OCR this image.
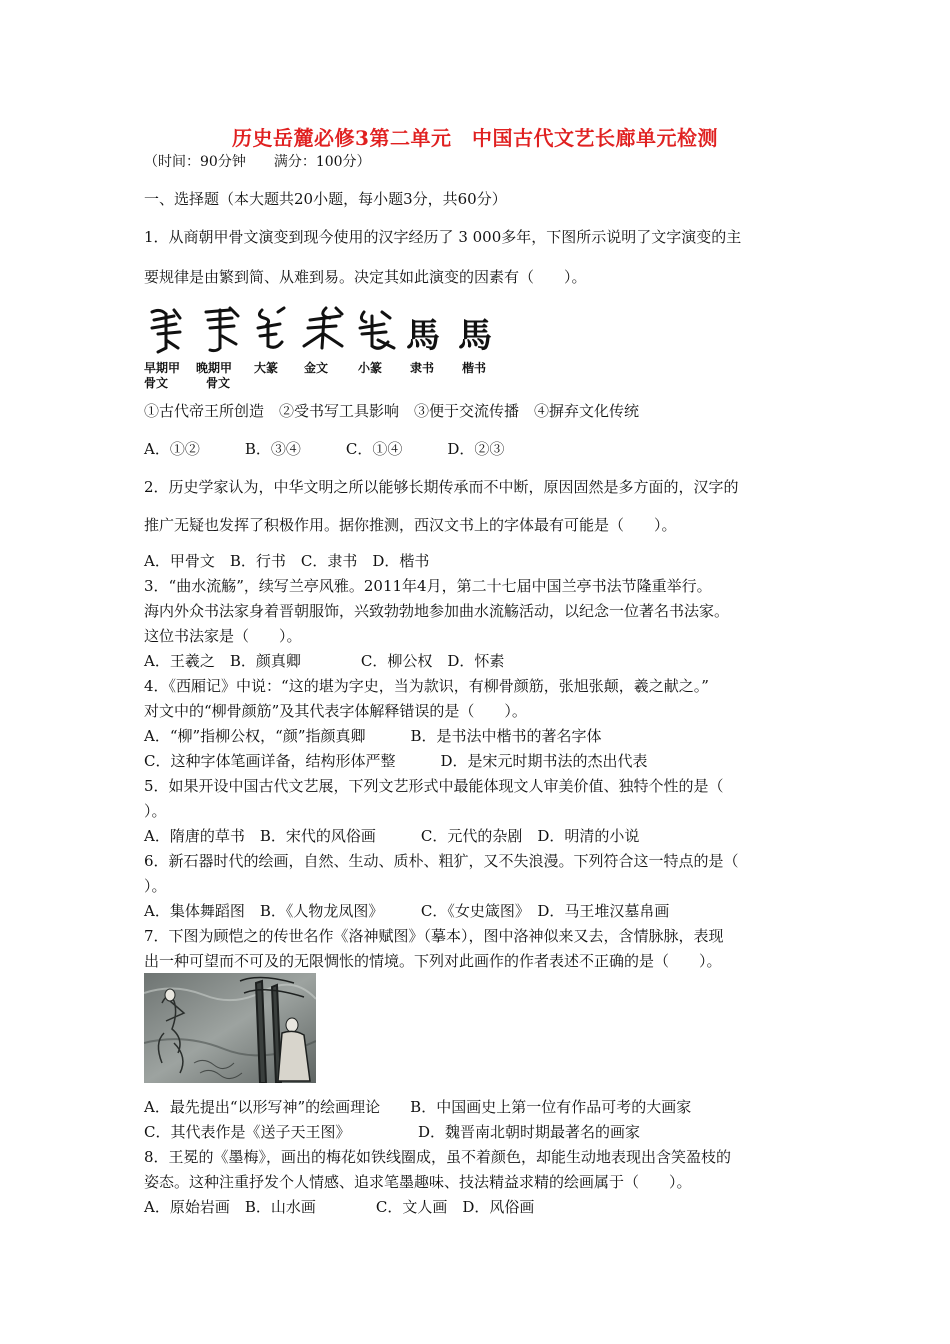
历史岳麓必修3第二单元　中国古代文艺长廊单元检测
（时间：90分钟　　满分：100分）
一、选择题（本大题共20小题，每小题3分，共60分）
1．从商朝甲骨文演变到现今使用的汉字经历了 3 000多年，下图所示说明了文字演变的主
要规律是由繁到简、从难到易。决定其如此演变的因素有（　　）。
馬 馬
早期甲
骨文
晚期甲
骨文
大篆 金文 小篆 隶书 楷书
①古代帝王所创造　②受书写工具影响　③便于交流传播　④摒弃文化传统
A．①②　　　B．③④　　　C．①④　　　D．②③
2．历史学家认为，中华文明之所以能够长期传承而不中断，原因固然是多方面的，汉字的
推广无疑也发挥了积极作用。据你推测，西汉文书上的字体最有可能是（　　）。
A．甲骨文　B．行书　C．隶书　D．楷书
3．“曲水流觞”，续写兰亭风雅。2011年4月，第二十七届中国兰亭书法节隆重举行。
海内外众书法家身着晋朝服饰，兴致勃勃地参加曲水流觞活动，以纪念一位著名书法家。
这位书法家是（　　）。
A．王羲之　B．颜真卿　　　　C．柳公权　D．怀素
4．《西厢记》中说：“这的堪为字史，当为款识，有柳骨颜筋，张旭张颠，羲之献之。”
对文中的“柳骨颜筋”及其代表字体解释错误的是（　　）。
A．“柳”指柳公权，“颜”指颜真卿　　　B．是书法中楷书的著名字体
C．这种字体笔画详备，结构形体严整　　　D．是宋元时期书法的杰出代表
5．如果开设中国古代文艺展，下列文艺形式中最能体现文人审美价值、独特个性的是（
）。
A．隋唐的草书　B．宋代的风俗画　　　C．元代的杂剧　D．明清的小说
6．新石器时代的绘画，自然、生动、质朴、粗犷，又不失浪漫。下列符合这一特点的是（
）。
A．集体舞蹈图　B．《人物龙凤图》　　　C．《女史箴图》　D．马王堆汉墓帛画
7．下图为顾恺之的传世名作《洛神赋图》（摹本），图中洛神似来又去，含情脉脉，表现
出一种可望而不可及的无限惆怅的情境。下列对此画作的作者表述不正确的是（　　）。
A．最先提出“以形写神”的绘画理论　　B．中国画史上第一位有作品可考的大画家
C．其代表作是《送子天王图》　　　　　D．魏晋南北朝时期最著名的画家
8．王冕的《墨梅》，画出的梅花如铁线圈成，虽不着颜色，却能生动地表现出含笑盈枝的
姿态。这种注重抒发个人情感、追求笔墨趣味、技法精益求精的绘画属于（　　）。
A．原始岩画　B．山水画　　　　C．文人画　D．风俗画
